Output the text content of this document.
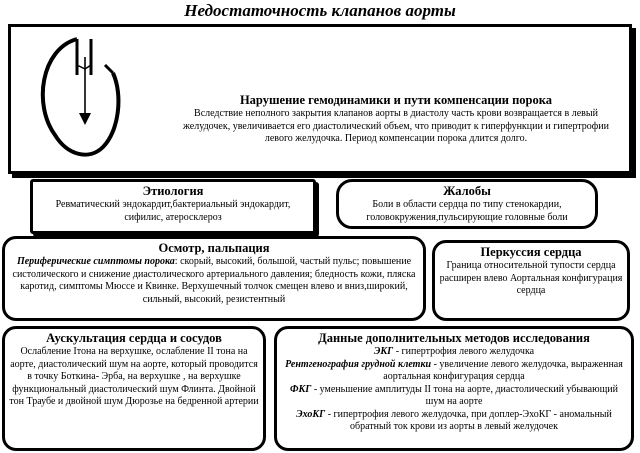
Недостаточность клапанов аорты
Нарушение гемодинамики и пути компенсации порока
Вследствие неполного закрытия клапанов аорты в диастолу часть крови возвращается в левый желудочек, увеличивается его диастолический объем, что приводит к гиперфункции и гипертрофии левого желудочка. Период компенсации порока длится долго.
Этиология
Ревматический эндокардит,бактериальный эндокардит, сифилис, атеросклероз
Жалобы
Боли в области сердца по типу стенокардии, головокружения,пульсирующие головные боли
Осмотр, пальпация
Периферические симптомы порока: скорый, высокий, большой, частый пульс; повышение систолического и снижение диастолического артериального давления; бледность кожи, пляска каротид, симптомы Мюссе и Квинке. Верхушечный толчок смещен влево и вниз,широкий, сильный, высокий, резистентный
Перкуссия сердца
Граница относительной тупости сердца расширен влево Аортальная конфигурация сердца
Аускультация сердца и сосудов
Ослабление Iтона на верхушке, ослабление II тона на аорте, диастолический шум на аорте, который проводится в точку Боткина- Эрба, на верхушке , на верхушке функциональный диастолический шум Флинта. Двойной тон Траубе и двойной шум Дюрозье на бедренной артерии
Данные дополнительных методов исследования
ЭКГ - гипертрофия левого желудочка
Рентгенография грудной клетки - увеличение левого желудочка, выраженная аортальная конфигурация сердца
ФКГ - уменьшение амплитуды II тона на аорте, диастолический убывающий шум на аорте
ЭхоКГ - гипертрофия левого желудочка, при доплер-ЭхоКГ - аномальный обратный ток крови из аорты в левый желудочек
